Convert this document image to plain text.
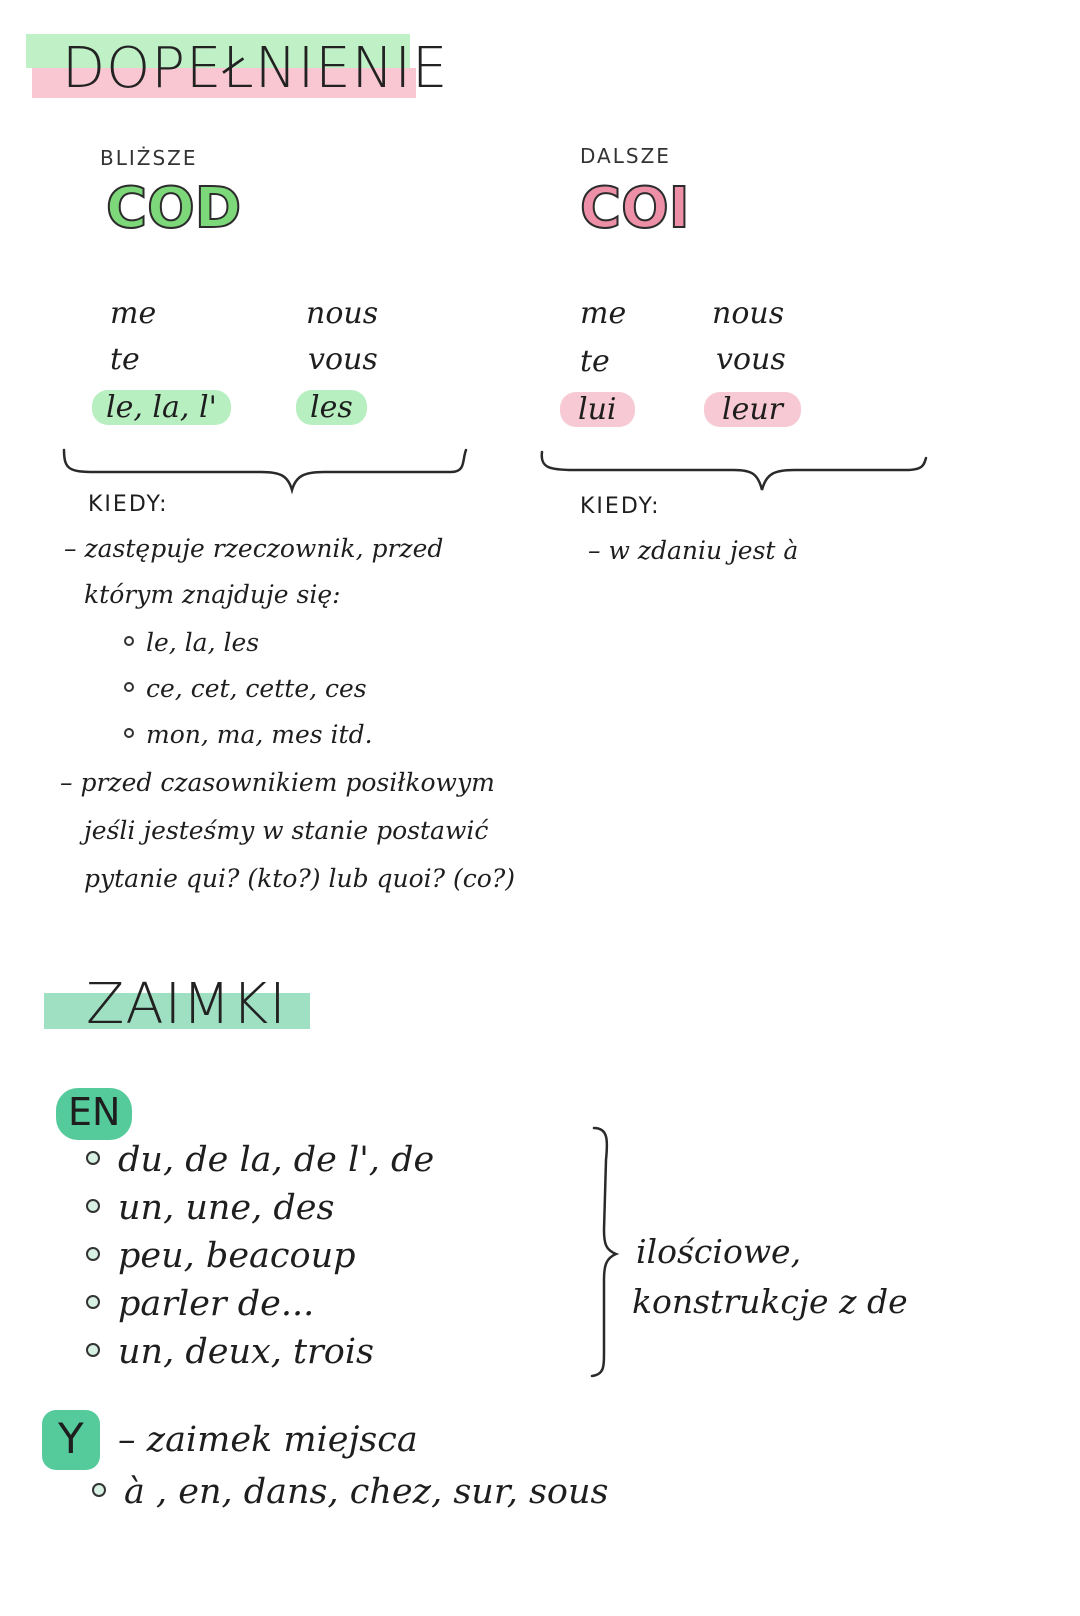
DOPEŁNIENIE
BLIŻSZE
COD
DALSZE
COI
me
te
le, la, l'
nous
vous
les
me
te
lui
nous
vous
leur
KIEDY:
– zastępuje rzeczownik, przed
którym znajduje się:
le, la, les
ce, cet, cette, ces
mon, ma, mes itd.
– przed czasownikiem posiłkowym
jeśli jesteśmy w stanie postawić
pytanie qui? (kto?) lub quoi? (co?)
KIEDY:
– w zdaniu jest à
ZAIMKI
EN
du, de la, de l', de
un, une, des
peu, beacoup
parler de...
un, deux, trois
ilościowe,
konstrukcje z de
Y – zaimek miejsca
à , en, dans, chez, sur, sous
